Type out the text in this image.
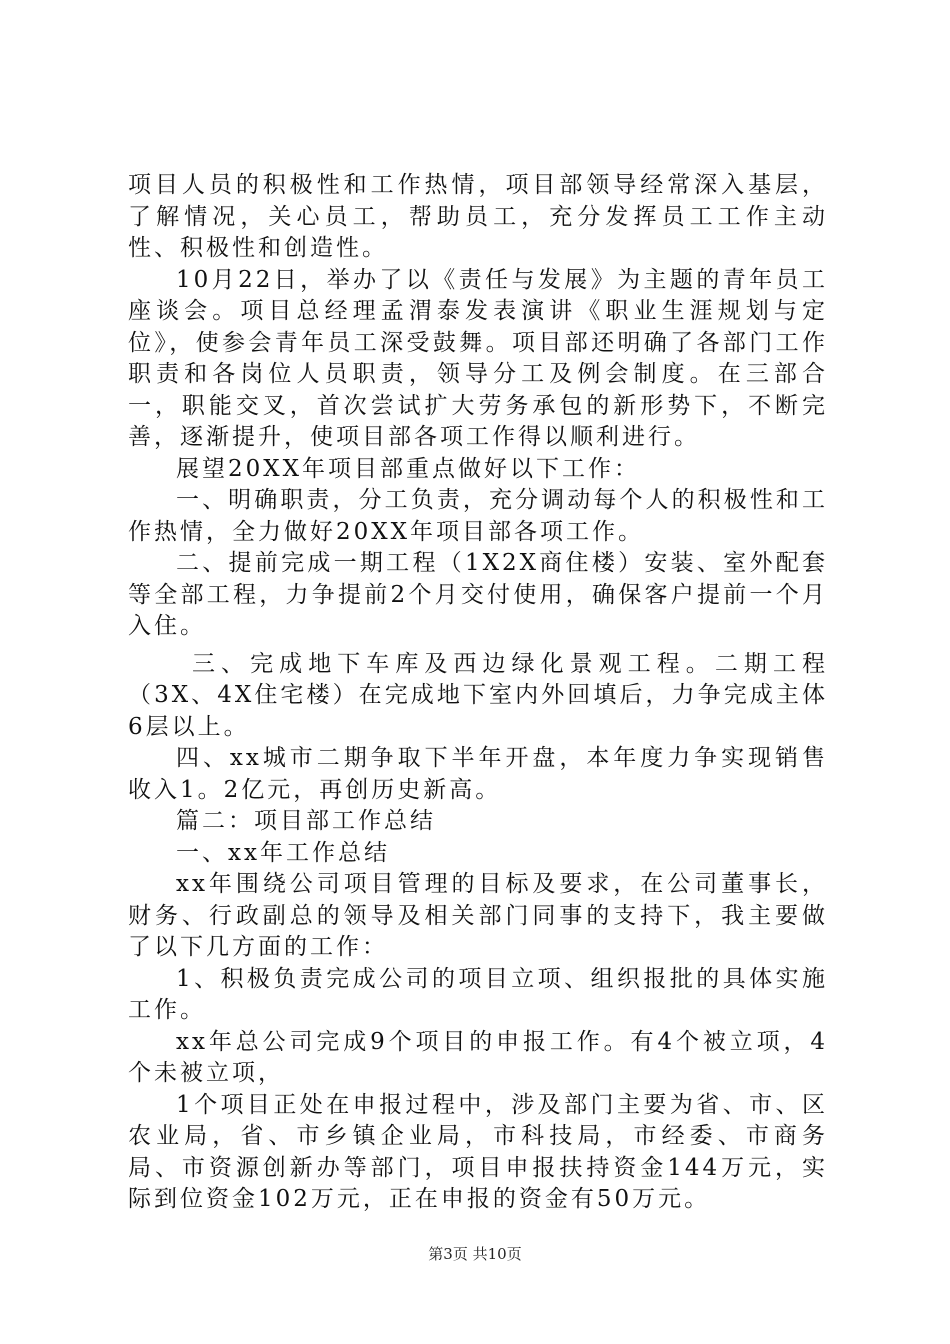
项目人员的积极性和工作热情，项目部领导经常深入基层，了解情况，关心员工，帮助员工，充分发挥员工工作主动性、积极性和创造性。

10月22日，举办了以《责任与发展》为主题的青年员工座谈会。项目总经理孟渭泰发表演讲《职业生涯规划与定位》，使参会青年员工深受鼓舞。项目部还明确了各部门工作职责和各岗位人员职责，领导分工及例会制度。在三部合一，职能交叉，首次尝试扩大劳务承包的新形势下，不断完善，逐渐提升，使项目部各项工作得以顺利进行。

展望20XX年项目部重点做好以下工作：

一、明确职责，分工负责，充分调动每个人的积极性和工作热情，全力做好20XX年项目部各项工作。

二、提前完成一期工程（1X2X商住楼）安装、室外配套等全部工程，力争提前2个月交付使用，确保客户提前一个月入住。

三、完成地下车库及西边绿化景观工程。二期工程（3X、4X住宅楼）在完成地下室内外回填后，力争完成主体6层以上。

四、xx城市二期争取下半年开盘，本年度力争实现销售收入1。2亿元，再创历史新高。

篇二：项目部工作总结

一、xx年工作总结

xx年围绕公司项目管理的目标及要求，在公司董事长，财务、行政副总的领导及相关部门同事的支持下，我主要做了以下几方面的工作：

1、积极负责完成公司的项目立项、组织报批的具体实施工作。

xx年总公司完成9个项目的申报工作。有4个被立项，4个未被立项，

1个项目正处在申报过程中，涉及部门主要为省、市、区农业局，省、市乡镇企业局，市科技局，市经委、市商务局、市资源创新办等部门，项目申报扶持资金144万元，实际到位资金102万元，正在申报的资金有50万元。

第3页 共10页
